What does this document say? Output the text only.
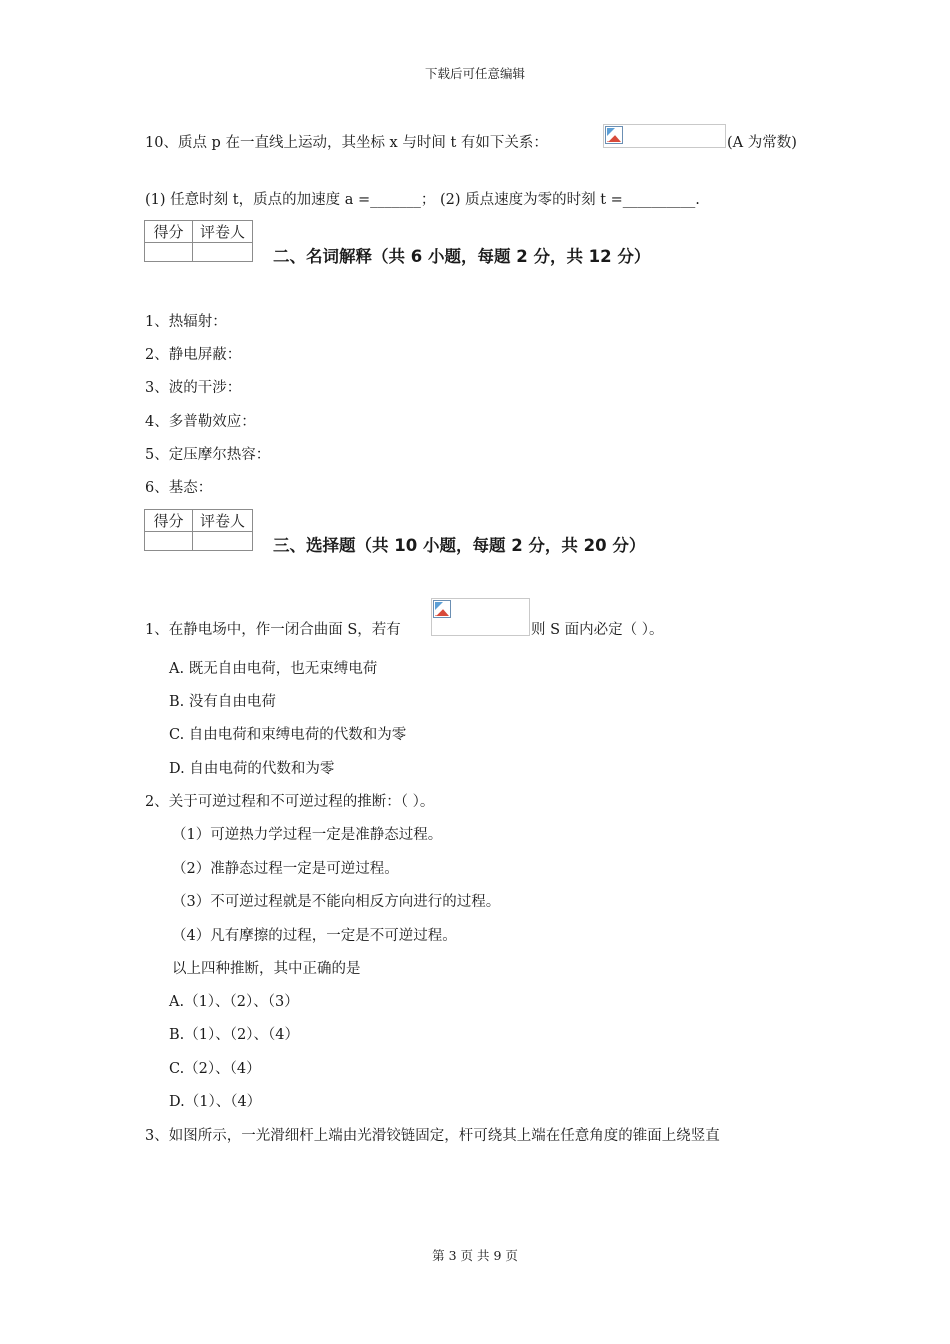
下载后可任意编辑
10、质点 p 在一直线上运动，其坐标 x 与时间 t 有如下关系：	(A 为常数)
(1) 任意时刻 t，质点的加速度 a =_______； (2) 质点速度为零的时刻 t =__________.
得分	评卷人

二、名词解释（共 6 小题，每题 2 分，共 12 分）
1、热辐射：
2、静电屏蔽：
3、波的干涉：
4、多普勒效应：
5、定压摩尔热容：
6、基态：
得分	评卷人

三、选择题（共 10 小题，每题 2 分，共 20 分）
1、在静电场中，作一闭合曲面 S，若有	则 S 面内必定（ ）。
A. 既无自由电荷，也无束缚电荷
B. 没有自由电荷
C. 自由电荷和束缚电荷的代数和为零
D. 自由电荷的代数和为零
2、关于可逆过程和不可逆过程的推断：（ ）。
（1）可逆热力学过程一定是准静态过程。
（2）准静态过程一定是可逆过程。
（3）不可逆过程就是不能向相反方向进行的过程。
（4）凡有摩擦的过程，一定是不可逆过程。
以上四种推断，其中正确的是
A.（1）、（2）、（3）
B.（1）、（2）、（4）
C.（2）、（4）
D.（1）、（4）
3、如图所示，一光滑细杆上端由光滑铰链固定，杆可绕其上端在任意角度的锥面上绕竖直
第 3 页 共 9 页
